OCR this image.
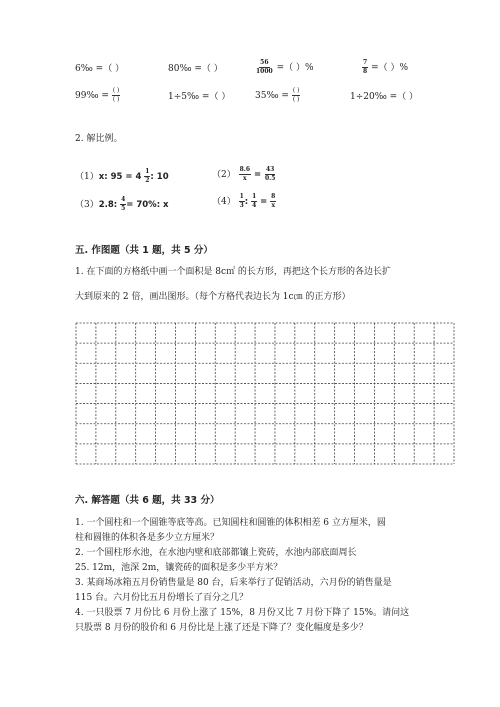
6‰ =（ ）	80‰ =（ ）	$\frac{56}{1000}$ =（ ）%	$\frac{7}{8}$ =（ ）%
99‰ = $\frac{( )}{( )}$	1÷5‰ =（ ）	35‰ = $\frac{( )}{( )}$	1÷20‰ =（ ）
2. 解比例。
（1）x: $95 = 4 \frac{1}{2}$ : 10	$(2) \frac{8.6}{x} = \frac{43}{0.5}$
（3）2.8: $\frac{4}{5} = 70\%$: x	$(4) \frac{1}{3}$ : $\frac{1}{4} = \frac{8}{x}$
五. 作图题（共 1 题，共 5 分）
1. 在下面的方格纸中画一个面积是 8c㎡ 的长方形，再把这个长方形的各边长扩
大到原来的 2 倍，画出图形。（每个方格代表边长为 1c㎝ 的正方形）
六. 解答题（共 6 题，共 33 分）
1. 一个圆柱和一个圆锥等底等高。已知圆柱和圆锥的体积相差 6 立方厘米，圆
柱和圆锥的体积各是多少立方厘米？
2. 一个圆柱形水池，在水池内壁和底部都镶上瓷砖，水池内部底面周长
25. 12m，池深 2m，镶瓷砖的面积是多少平方米？
3. 某商场冰箱五月份销售量是 80 台，后来举行了促销活动，六月份的销售量是
115 台。六月份比五月份增长了百分之几？
4. 一只股票 7 月份比 6 月份上涨了 15%，8 月份又比 7 月份下降了 15%。请问这
只股票 8 月份的股价和 6 月份比是上涨了还是下降了？变化幅度是多少？
